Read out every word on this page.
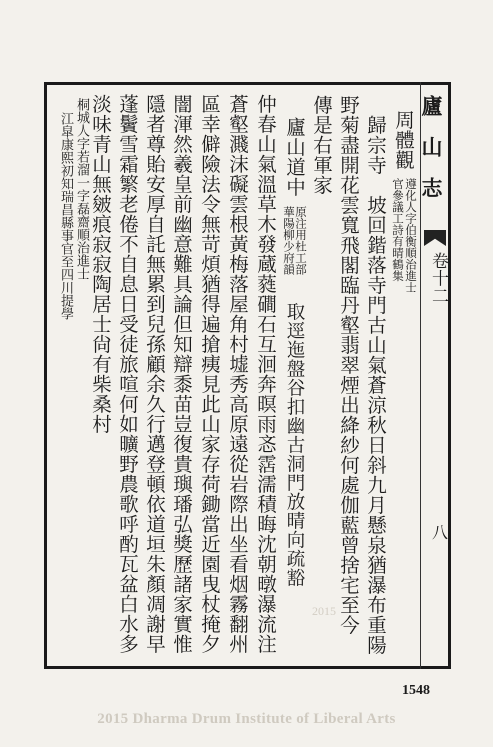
廬山志
卷十二
八
周體觀
遵化人字伯衡順治進士
官參議工詩有晴鶴集
歸宗寺　坡回鍇落寺門古山氣蒼涼秋日斜九月懸泉猶瀑布重陽
野菊盡開花雲寬飛閣臨丹壑翡翠煙出絳紗何處伽藍曾捨宅至今
傳是右軍家
廬山道中
原注用杜工部
華陽柳少府韻
取逕迤盤谷扣幽古洞門放晴向疏豁
仲春山氣溫草木發蔵蕤磵石互洄奔暝雨忞霑濡積晦沈朝暾瀑流注
蒼壑濺沫礙雲根黃梅落屋角村墟秀高原遠從岩際出坐看烟霧翻州
區幸僻險法令無苛煩猶得遍搶痍見此山家存荷鋤當近園曳杖掩夕
闇渾然羲皇前幽意難具論但知辯黍苗豈復貴璵璠弘獎歷諸家實惟
隱者尊貽安厚自託無累到兒孫顧余久行邁登頓依道垣朱顏凋謝早
蓬鬢雪霜繁老倦不自息日受徒旅喧何如曠野農歌呼酌瓦盆白水多
淡味青山無皴痕寂寂陶居士尙有柴桑村
桐城人字若溜一字磊齋順治進士
江皐康熙初知瑞昌縣事官至四川提學
1548
2015
2015 Dharma Drum Institute of Liberal Arts
